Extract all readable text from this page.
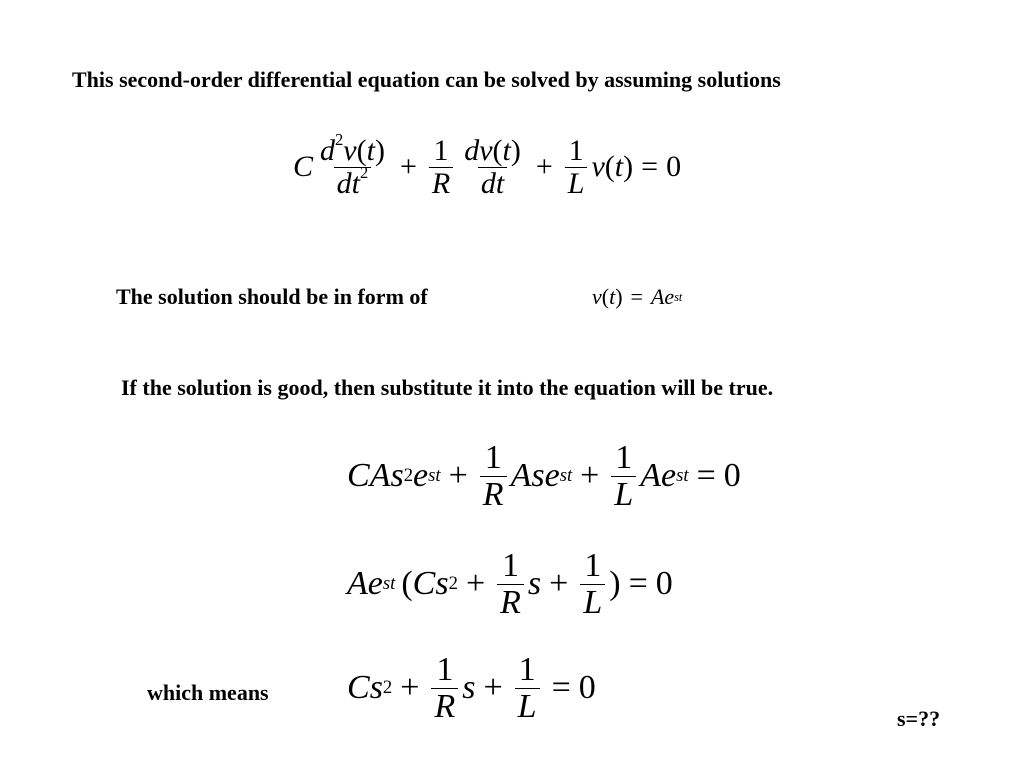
This second-order differential equation can be solved by assuming solutions
C $\frac{d^2v(t)}{dt^2} + \frac{1}{R} \frac{dv(t)}{dt} + \frac{1}{L}$ v ( t ) = 0
The solution should be in form of	v ( t ) = A e st
If the solution is good, then substitute it into the equation will be true.
C A s 2 e st + $\frac{1}{R}$ A s e st + $\frac{1}{L}$ A e st = 0
A e st ( C s $2 + \frac{1}{R}$ $s + \frac{1}{L}$ ) = 0
which means C s $2 + \frac{1}{R}$ $s + \frac{1}{L} = 0$
s=??
